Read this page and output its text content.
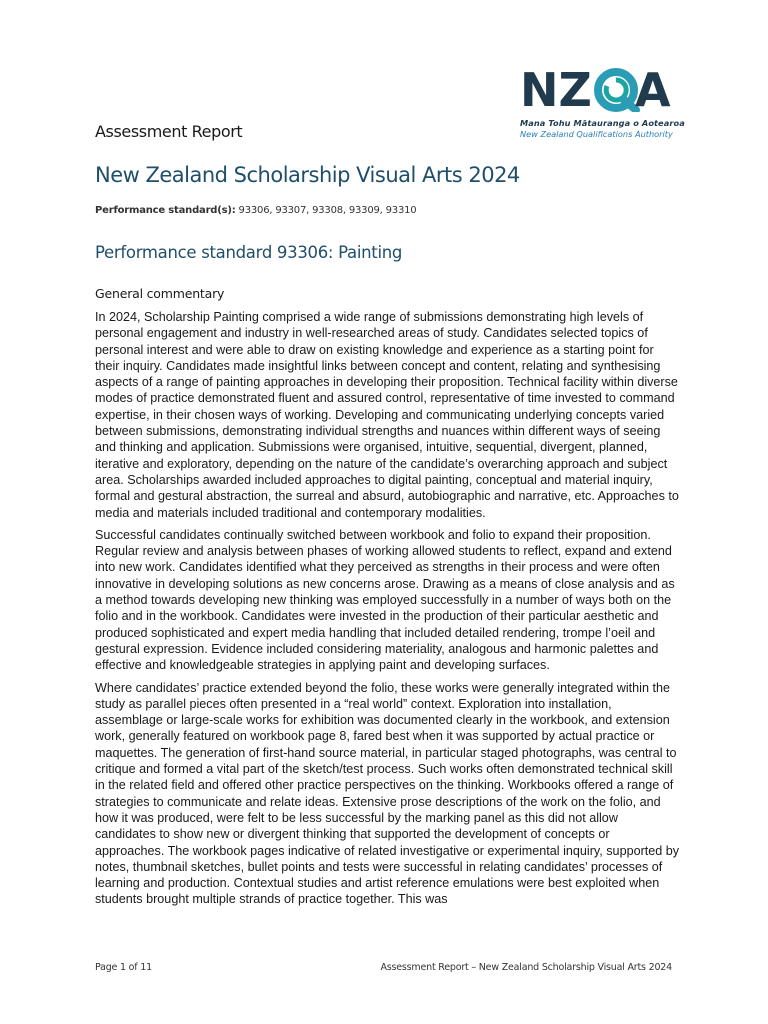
NZ A
Mana Tohu Mātauranga o Aotearoa
New Zealand Qualifications Authority
Assessment Report
New Zealand Scholarship Visual Arts 2024
Performance standard(s): 93306, 93307, 93308, 93309, 93310
Performance standard 93306: Painting
General commentary

In 2024, Scholarship Painting comprised a wide range of submissions demonstrating high levels of personal engagement and industry in well-researched areas of study. Candidates selected topics of personal interest and were able to draw on existing knowledge and experience as a starting point for their inquiry. Candidates made insightful links between concept and content, relating and synthesising aspects of a range of painting approaches in developing their proposition. Technical facility within diverse modes of practice demonstrated fluent and assured control, representative of time invested to command expertise, in their chosen ways of working. Developing and communicating underlying concepts varied between submissions, demonstrating individual strengths and nuances within different ways of seeing and thinking and application. Submissions were organised, intuitive, sequential, divergent, planned, iterative and exploratory, depending on the nature of the candidate’s overarching approach and subject area. Scholarships awarded included approaches to digital painting, conceptual and material inquiry, formal and gestural abstraction, the surreal and absurd, autobiographic and narrative, etc. Approaches to media and materials included traditional and contemporary modalities.

Successful candidates continually switched between workbook and folio to expand their proposition. Regular review and analysis between phases of working allowed students to reflect, expand and extend into new work. Candidates identified what they perceived as strengths in their process and were often innovative in developing solutions as new concerns arose. Drawing as a means of close analysis and as a method towards developing new thinking was employed successfully in a number of ways both on the folio and in the workbook. Candidates were invested in the production of their particular aesthetic and produced sophisticated and expert media handling that included detailed rendering, trompe l’oeil and gestural expression. Evidence included considering materiality, analogous and harmonic palettes and effective and knowledgeable strategies in applying paint and developing surfaces.

Where candidates’ practice extended beyond the folio, these works were generally integrated within the study as parallel pieces often presented in a “real world” context. Exploration into installation, assemblage or large-scale works for exhibition was documented clearly in the workbook, and extension work, generally featured on workbook page 8, fared best when it was supported by actual practice or maquettes. The generation of first-hand source material, in particular staged photographs, was central to critique and formed a vital part of the sketch/test process. Such works often demonstrated technical skill in the related field and offered other practice perspectives on the thinking. Workbooks offered a range of strategies to communicate and relate ideas. Extensive prose descriptions of the work on the folio, and how it was produced, were felt to be less successful by the marking panel as this did not allow candidates to show new or divergent thinking that supported the development of concepts or approaches. The workbook pages indicative of related investigative or experimental inquiry, supported by notes, thumbnail sketches, bullet points and tests were successful in relating candidates’ processes of learning and production. Contextual studies and artist reference emulations were best exploited when students brought multiple strands of practice together. This was

Page 1 of 11	Assessment Report – New Zealand Scholarship Visual Arts 2024
